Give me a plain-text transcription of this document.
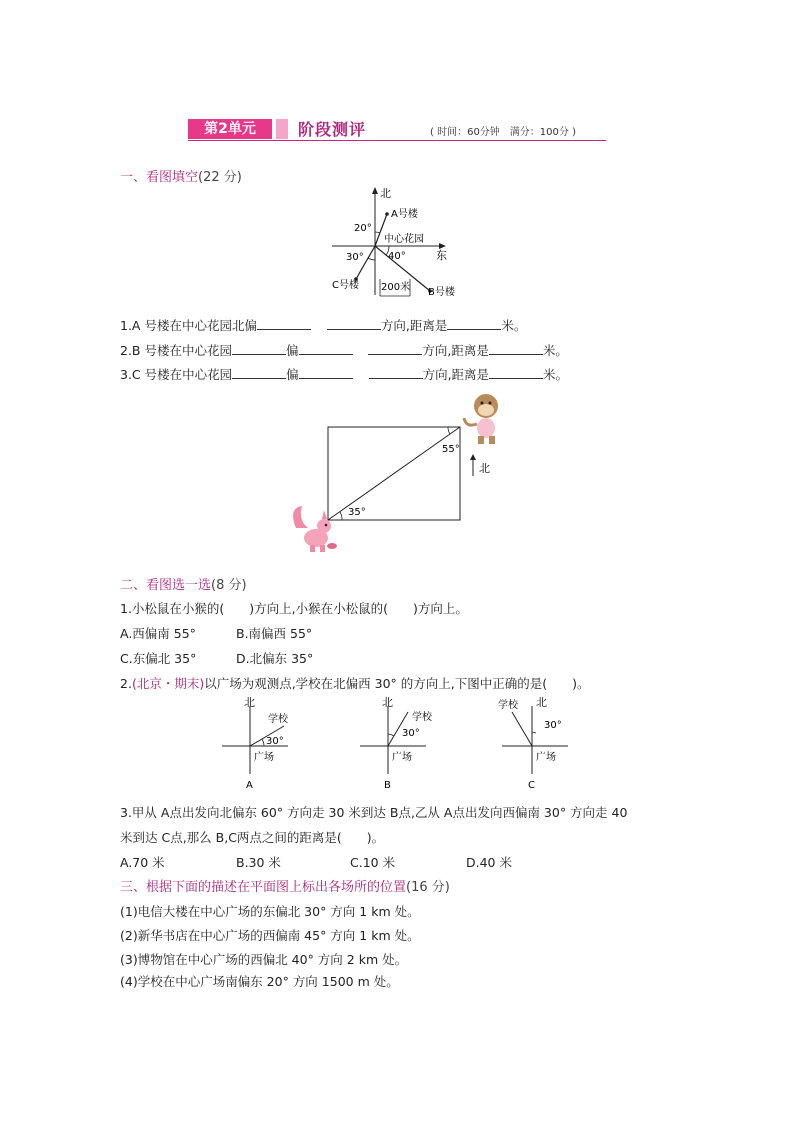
第2单元	阶段测评	( 时间：60分钟　满分：100分 )
一、看图填空(22 分)
北
东
A号楼
中心花园
20°
40°
30°
C号楼
B号楼
200米
1.A 号楼在中心花园北偏	方向,距离是	米。
2.B 号楼在中心花园	偏	方向,距离是	米。
3.C 号楼在中心花园	偏	方向,距离是	米。
55°
35°
北
二、看图选一选(8 分)
1.小松鼠在小猴的(　　)方向上,小猴在小松鼠的(　　)方向上。
A.西偏南 55°	B.南偏西 55°
C.东偏北 35°	D.北偏东 35°
2.(北京・期末)以广场为观测点,学校在北偏西 30° 的方向上,下图中正确的是(　　)。
北
学校
30°
广场
A
北
学校
30°
广场
B
北
学校
30°
广场
C
3.甲从 A点出发向北偏东 60° 方向走 30 米到达 B点,乙从 A点出发向西偏南 30° 方向走 40
米到达 C点,那么 B,C两点之间的距离是(　　)。
A.70 米	B.30 米	C.10 米	D.40 米
三、根据下面的描述在平面图上标出各场所的位置(16 分)
(1)电信大楼在中心广场的东偏北 30° 方向 1 km 处。
(2)新华书店在中心广场的西偏南 45° 方向 1 km 处。
(3)博物馆在中心广场的西偏北 40° 方向 2 km 处。
(4)学校在中心广场南偏东 20° 方向 1500 m 处。
